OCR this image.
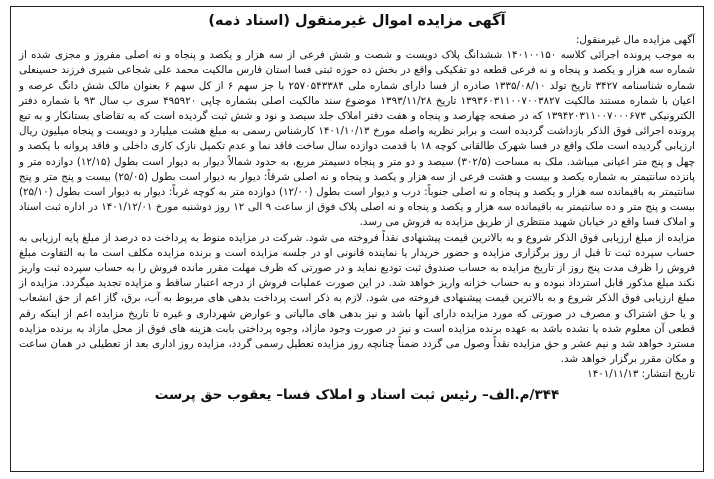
آگهی مزایده اموال غیرمنقول (اسناد ذمه)

آگهی مزایده مال غیرمنقول:

به موجب پرونده اجرائی کلاسه ۱۴۰۱۰۰۱۵۰ ششدانگ پلاک دویست و شصت و شش فرعی از سه هزار و یکصد و پنجاه و نه اصلی مفروز و مجزی شده از شماره سه هزار و یکصد و پنجاه و نه فرعی قطعه دو تفکیکی واقع در بخش ده حوزه ثبتی فسا استان فارس مالکیت محمد علی شجاعی شیری فرزند حسینعلی شماره شناسنامه ۳۴۲۷ تاریخ تولد ۱۳۳۵/۰۸/۱۰ صادره از فسا دارای شماره ملی ۲۵۷۰۵۴۳۳۸۴ با جز سهم ۶ از کل سهم ۶ بعنوان مالک شش دانگ عرصه و اعیان با شماره مستند مالکیت ۱۳۹۳۶۰۳۱۱۰۰۷۰۰۳۸۲۷ تاریخ ۱۳۹۳/۱۱/۲۸ موضوع سند مالکیت اصلی بشماره چاپی ۴۹۵۹۲۰ سری ب سال ۹۳ با شماره دفتر الکترونیکی ۱۳۹۴۲۰۳۱۱۰۰۷۰۰۰۶۷۳ که در صفحه چهارصد و پنجاه و هفت دفتر املاک جلد سیصد و نود و شش ثبت گردیده است که به تقاضای بستانکار و به تبع پرونده اجرائی فوق الذکر بازداشت گردیده است و برابر نظریه واصله مورخ ۱۴۰۱/۱۰/۱۳ کارشناس رسمی به مبلغ هشت میلیارد و دویست و پنجاه میلیون ریال ارزیابی گردیده است ملک واقع در فسا شهرک طالقانی کوچه ۱۸ با قدمت دوازده سال ساخت فاقد نما و عدم تکمیل نازک کاری داخلی و فاقد پروانه با یکصد و چهل و پنج متر اعیانی میباشد. ملک به مساحت (۳۰۲/۵) سیصد و دو متر و پنجاه دسیمتر مربع، به حدود شمالاً دیوار به دیوار است بطول (۱۲/۱۵) دوازده متر و پانزده سانتیمتر به شماره یکصد و بیست و هشت فرعی از سه هزار و یکصد و پنجاه و نه اصلی شرقاً: دیوار به دیوار است بطول (۲۵/۰۵) بیست و پنج متر و پنج سانتیمتر به باقیمانده سه هزار و یکصد و پنجاه و نه اصلی جنوباً: درب و دیوار است بطول (۱۲/۰۰) دوازده متر به کوچه غرباً: دیوار به دیوار است بطول (۲۵/۱۰) بیست و پنج متر و ده سانتیمتر به باقیمانده سه هزار و یکصد و پنجاه و نه اصلی پلاک فوق از ساعت ۹ الی ۱۲ روز دوشنبه مورخ ۱۴۰۱/۱۲/۰۱ در اداره ثبت اسناد و املاک فسا واقع در خیابان شهید منتظری از طریق مزایده به فروش می رسد.

مزایده از مبلغ ارزیابی فوق الذکر شروع و به بالاترین قیمت پیشنهادی نقداً فروخته می شود. شرکت در مزایده منوط به پرداخت ده درصد از مبلغ پایه ارزیابی به حساب سپرده ثبت تا قبل از روز برگزاری مزایده و حضور خریدار یا نماینده قانونی او در جلسه مزایده است و برنده مزایده مکلف است ما به التفاوت مبلغ فروش را ظرف مدت پنج روز از تاریخ مزایده به حساب صندوق ثبت تودیع نماید و در صورتی که ظرف مهلت مقرر مانده فروش را به حساب سپرده ثبت واریز نکند مبلغ مذکور قابل استرداد نبوده و به حساب خزانه واریز خواهد شد. در این صورت عملیات فروش از درجه اعتبار ساقط و مزایده تجدید میگردد. مزایده از مبلغ ارزیابی فوق الذکر شروع و به بالاترین قیمت پیشنهادی فروخته می شود. لازم به ذکر است پرداخت بدهی های مربوط به آب، برق، گاز اعم از حق انشعاب و یا حق اشتراک و مصرف در صورتی که مورد مزایده دارای آنها باشد و نیز بدهی های مالیاتی و عوارض شهرداری و غیره تا تاریخ مزایده اعم از اینکه رقم قطعی آن معلوم شده یا نشده باشد به عهده برنده مزایده است و نیز در صورت وجود مازاد، وجوه پرداختی بابت هزینه های فوق از محل مازاد به برنده مزایده مسترد خواهد شد و نیم عشر و حق مزایده نقداً وصول می گردد ضمناً چنانچه روز مزایده تعطیل رسمی گردد، مزایده روز اداری بعد از تعطیلی در همان ساعت و مکان مقرر برگزار خواهد شد.

تاریخ انتشار: ۱۴۰۱/۱۱/۱۳

۳۴۴/م.الف– رئیس ثبت اسناد و املاک فسا– یعقوب حق پرست
